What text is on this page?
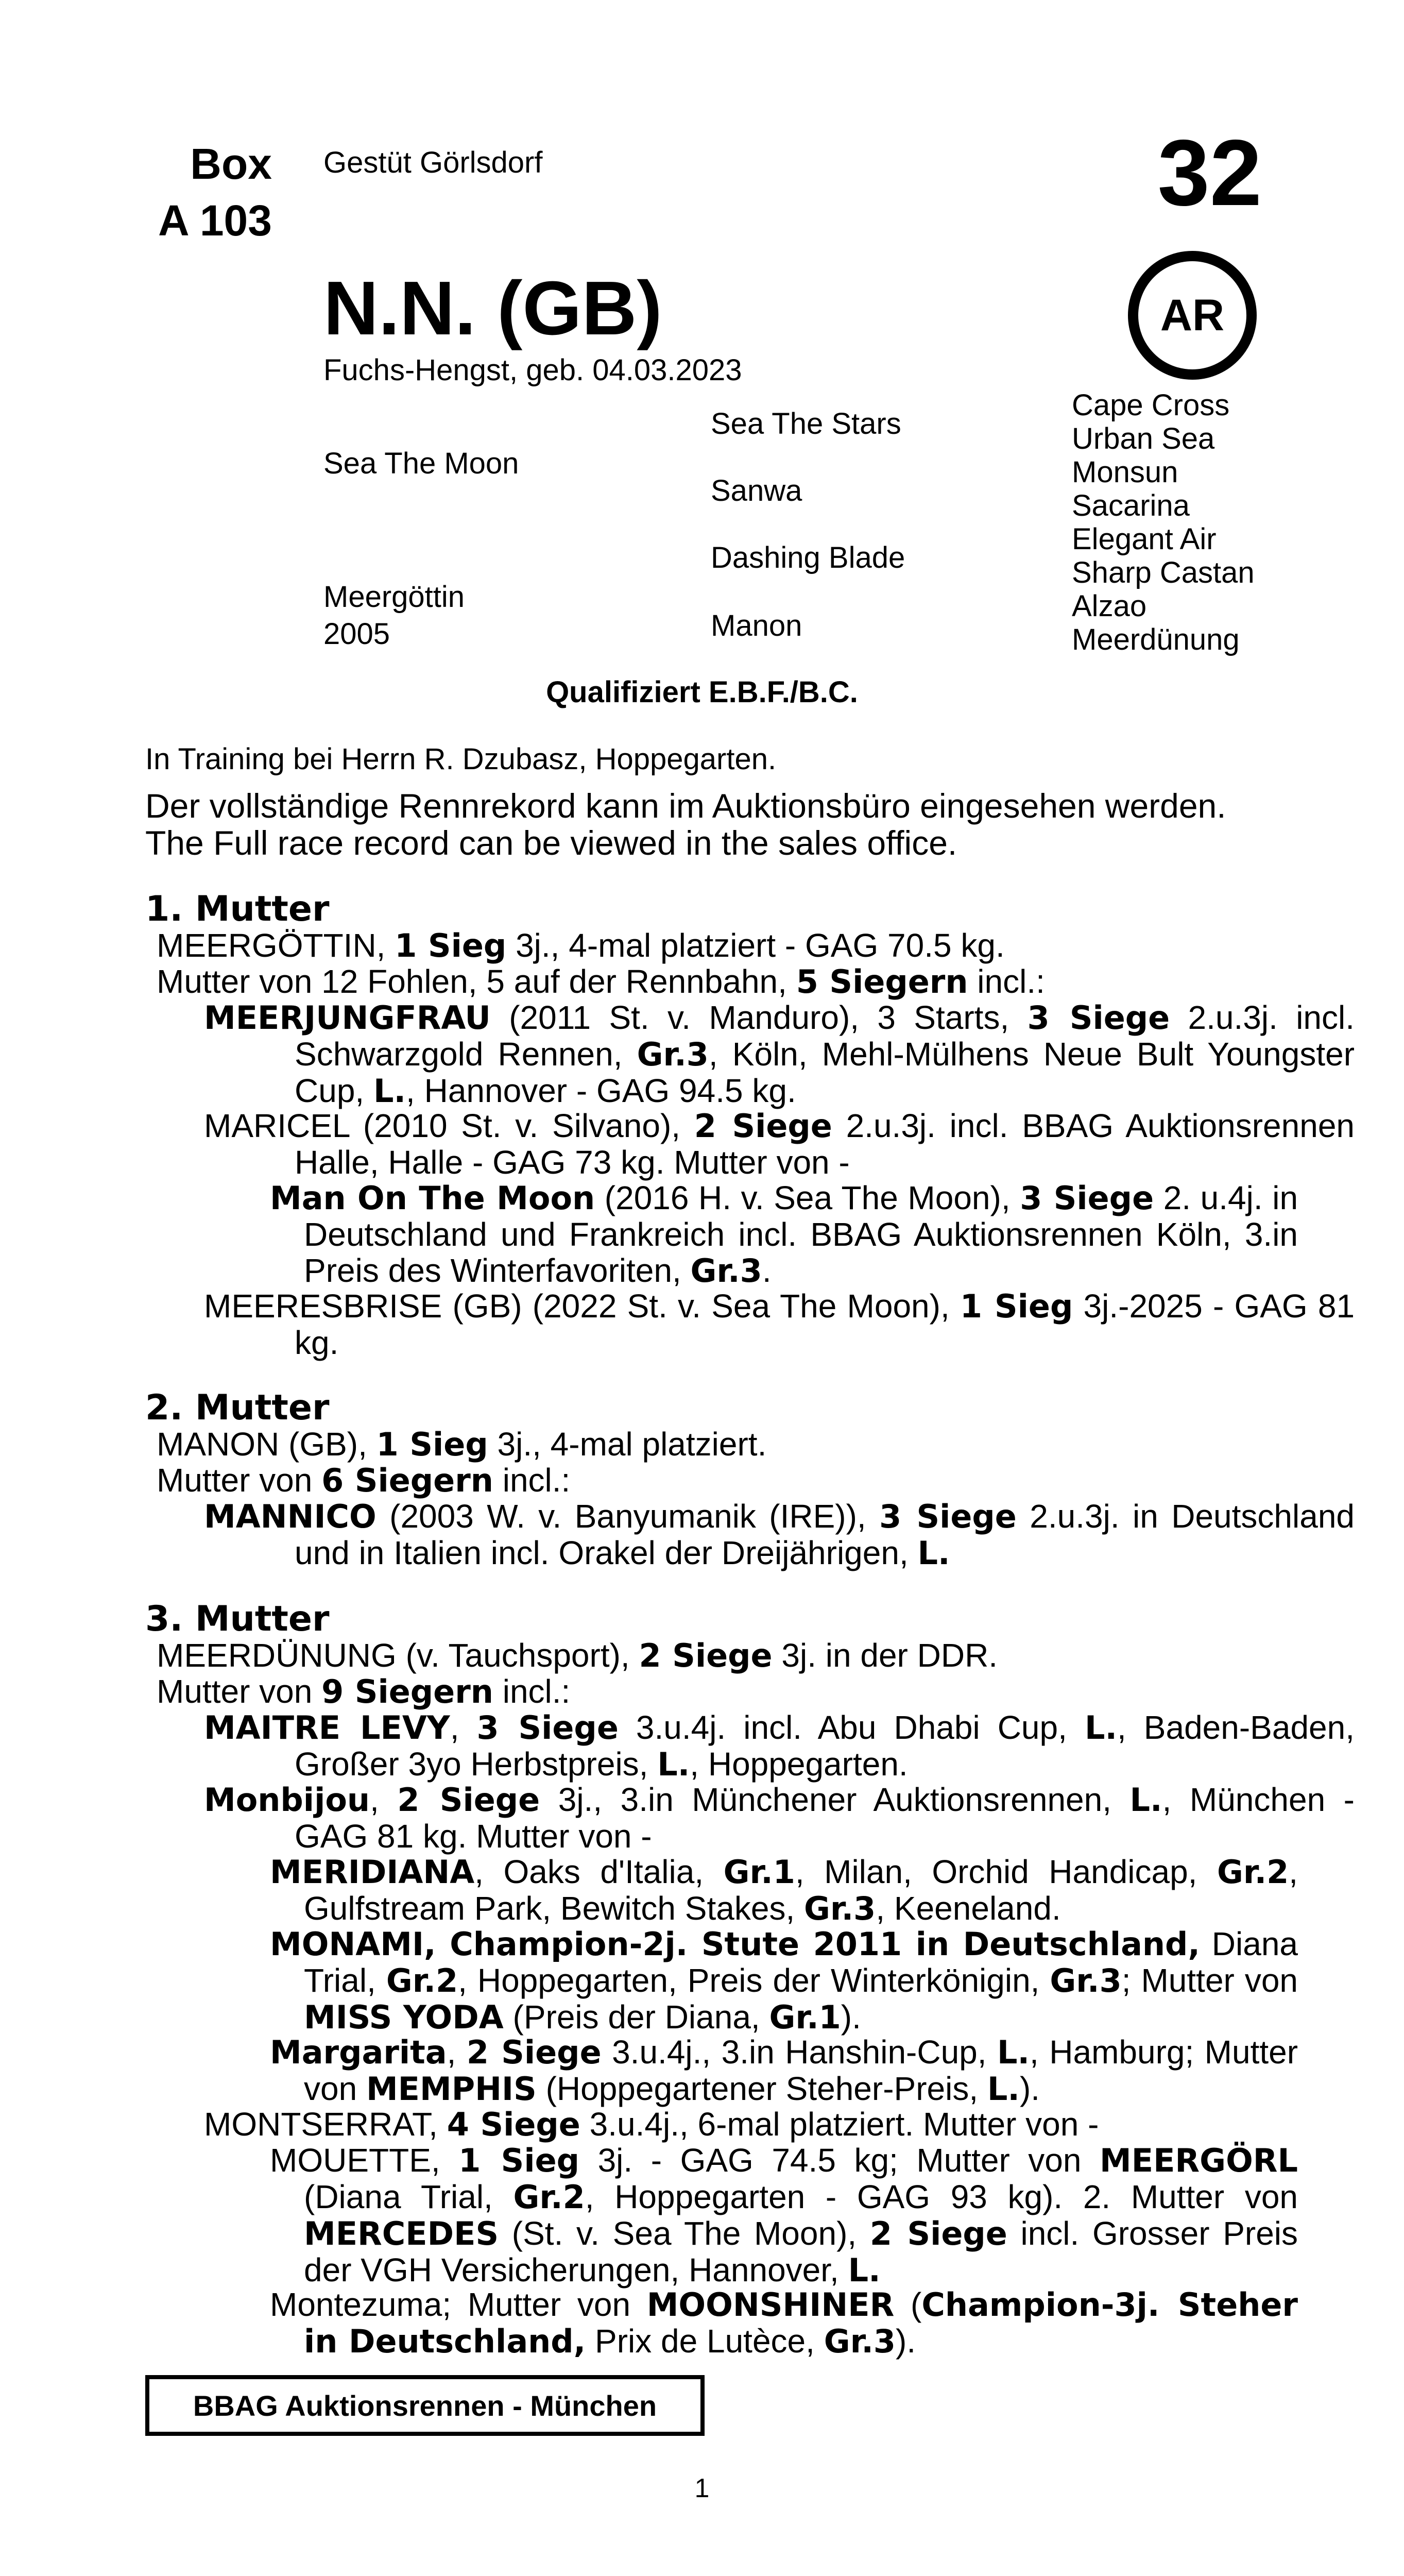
Box
A 103
Gestüt Görlsdorf	32
N.N. (GB)	AR
Fuchs-Hengst, geb. 04.03.2023
Sea The Moon
Meergöttin
2005
Sea The Stars
Sanwa
Dashing Blade
Manon
Cape Cross
Urban Sea
Monsun
Sacarina
Elegant Air
Sharp Castan
Alzao
Meerdünung
Qualifiziert E.B.F./B.C.
In Training bei Herrn R. Dzubasz, Hoppegarten.
Der vollständige Rennrekord kann im Auktionsbüro eingesehen werden.
The Full race record can be viewed in the sales office.
1. Mutter
MEERGÖTTIN, 1 Sieg 3j., 4-mal platziert - GAG 70.5 kg.
Mutter von 12 Fohlen, 5 auf der Rennbahn, 5 Siegern incl.:
MEERJUNGFRAU (2011 St. v. Manduro), 3 Starts, 3 Siege 2.u.3j. incl. Schwarzgold Rennen, Gr.3, Köln, Mehl-Mülhens Neue Bult Youngster Cup, L., Hannover - GAG 94.5 kg.
MARICEL (2010 St. v. Silvano), 2 Siege 2.u.3j. incl. BBAG Auktionsrennen Halle, Halle - GAG 73 kg. Mutter von -
Man On The Moon (2016 H. v. Sea The Moon), 3 Siege 2. u.4j. in Deutschland und Frankreich incl. BBAG Auktionsrennen Köln, 3.in Preis des Winterfavoriten, Gr.3.
MEERESBRISE (GB) (2022 St. v. Sea The Moon), 1 Sieg 3j.-2025 - GAG 81 kg.
2. Mutter
MANON (GB), 1 Sieg 3j., 4-mal platziert.
Mutter von 6 Siegern incl.:
MANNICO (2003 W. v. Banyumanik (IRE)), 3 Siege 2.u.3j. in Deutschland und in Italien incl. Orakel der Dreijährigen, L.
3. Mutter
MEERDÜNUNG (v. Tauchsport), 2 Siege 3j. in der DDR.
Mutter von 9 Siegern incl.:
MAITRE LEVY, 3 Siege 3.u.4j. incl. Abu Dhabi Cup, L., Baden-Baden, Großer 3yo Herbstpreis, L., Hoppegarten.
Monbijou, 2 Siege 3j., 3.in Münchener Auktionsrennen, L., München - GAG 81 kg. Mutter von -
MERIDIANA, Oaks d'Italia, Gr.1, Milan, Orchid Handicap, Gr.2, Gulfstream Park, Bewitch Stakes, Gr.3, Keeneland.
MONAMI, Champion-2j. Stute 2011 in Deutschland, Diana Trial, Gr.2, Hoppegarten, Preis der Winterkönigin, Gr.3; Mutter von MISS YODA (Preis der Diana, Gr.1).
Margarita, 2 Siege 3.u.4j., 3.in Hanshin-Cup, L., Hamburg; Mutter von MEMPHIS (Hoppegartener Steher-Preis, L.).
MONTSERRAT, 4 Siege 3.u.4j., 6-mal platziert. Mutter von -
MOUETTE, 1 Sieg 3j. - GAG 74.5 kg; Mutter von MEERGÖRL (Diana Trial, Gr.2, Hoppegarten - GAG 93 kg). 2. Mutter von MERCEDES (St. v. Sea The Moon), 2 Siege incl. Grosser Preis der VGH Versicherungen, Hannover, L.
Montezuma; Mutter von MOONSHINER (Champion-3j. Steher in Deutschland, Prix de Lutèce, Gr.3).
BBAG Auktionsrennen - München
1
